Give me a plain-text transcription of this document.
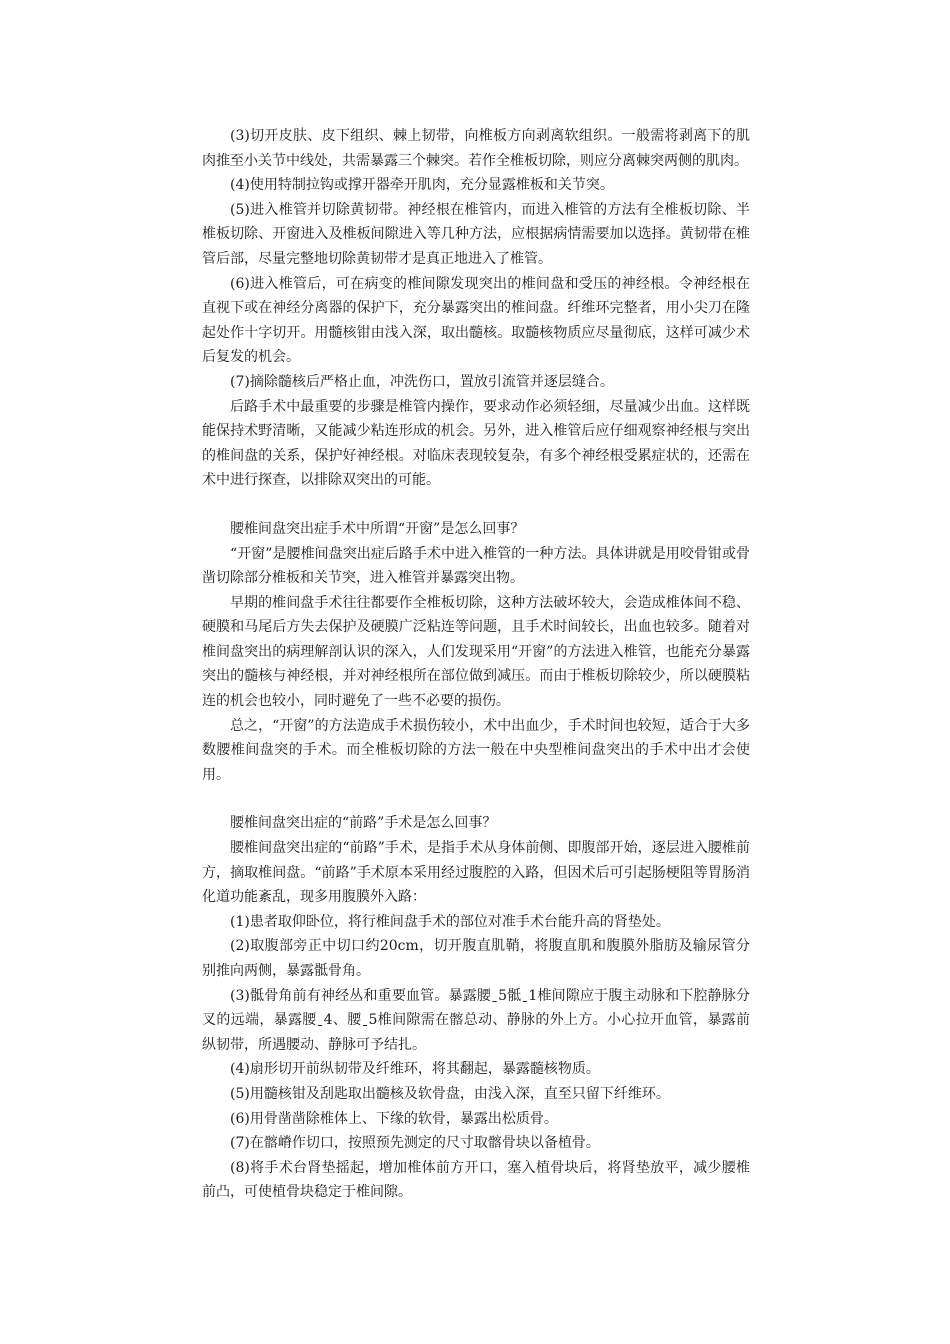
(3)切开皮肤、皮下组织、棘上韧带，向椎板方向剥离软组织。一般需将剥离下的肌肉推至小关节中线处，共需暴露三个棘突。若作全椎板切除，则应分离棘突两侧的肌肉。

(4)使用特制拉钩或撑开器牵开肌肉，充分显露椎板和关节突。

(5)进入椎管并切除黄韧带。神经根在椎管内，而进入椎管的方法有全椎板切除、半椎板切除、开窗进入及椎板间隙进入等几种方法，应根据病情需要加以选择。黄韧带在椎管后部，尽量完整地切除黄韧带才是真正地进入了椎管。

(6)进入椎管后，可在病变的椎间隙发现突出的椎间盘和受压的神经根。令神经根在直视下或在神经分离器的保护下，充分暴露突出的椎间盘。纤维环完整者，用小尖刀在隆起处作十字切开。用髓核钳由浅入深，取出髓核。取髓核物质应尽量彻底，这样可减少术后复发的机会。

(7)摘除髓核后严格止血，冲洗伤口，置放引流管并逐层缝合。

后路手术中最重要的步骤是椎管内操作，要求动作必须轻细，尽量减少出血。这样既能保持术野清晰，又能减少粘连形成的机会。另外，进入椎管后应仔细观察神经根与突出的椎间盘的关系，保护好神经根。对临床表现较复杂，有多个神经根受累症状的，还需在术中进行探查，以排除双突出的可能。

腰椎间盘突出症手术中所谓“开窗”是怎么回事？

“开窗”是腰椎间盘突出症后路手术中进入椎管的一种方法。具体讲就是用咬骨钳或骨凿切除部分椎板和关节突，进入椎管并暴露突出物。

早期的椎间盘手术往往都要作全椎板切除，这种方法破坏较大，会造成椎体间不稳、硬膜和马尾后方失去保护及硬膜广泛粘连等问题，且手术时间较长，出血也较多。随着对椎间盘突出的病理解剖认识的深入，人们发现采用“开窗”的方法进入椎管，也能充分暴露突出的髓核与神经根，并对神经根所在部位做到减压。而由于椎板切除较少，所以硬膜粘连的机会也较小，同时避免了一些不必要的损伤。

总之，“开窗”的方法造成手术损伤较小，术中出血少，手术时间也较短，适合于大多数腰椎间盘突的手术。而全椎板切除的方法一般在中央型椎间盘突出的手术中出才会使用。

腰椎间盘突出症的“前路”手术是怎么回事？

腰椎间盘突出症的“前路”手术，是指手术从身体前侧、即腹部开始，逐层进入腰椎前方，摘取椎间盘。“前路”手术原本采用经过腹腔的入路，但因术后可引起肠梗阻等胃肠消化道功能紊乱，现多用腹膜外入路：

(1)患者取仰卧位，将行椎间盘手术的部位对准手术台能升高的肾垫处。

(2)取腹部旁正中切口约20cm，切开腹直肌鞘，将腹直肌和腹膜外脂肪及输尿管分别推向两侧，暴露骶骨角。

(3)骶骨角前有神经丛和重要血管。暴露腰ˍ5骶ˍ1椎间隙应于腹主动脉和下腔静脉分叉的远端，暴露腰ˍ4、腰ˍ5椎间隙需在髂总动、静脉的外上方。小心拉开血管，暴露前纵韧带，所遇腰动、静脉可予结扎。

(4)扇形切开前纵韧带及纤维环，将其翻起，暴露髓核物质。

(5)用髓核钳及刮匙取出髓核及软骨盘，由浅入深，直至只留下纤维环。

(6)用骨凿凿除椎体上、下缘的软骨，暴露出松质骨。

(7)在髂嵴作切口，按照预先测定的尺寸取髂骨块以备植骨。

(8)将手术台肾垫摇起，增加椎体前方开口，塞入植骨块后，将肾垫放平，减少腰椎前凸，可使植骨块稳定于椎间隙。
